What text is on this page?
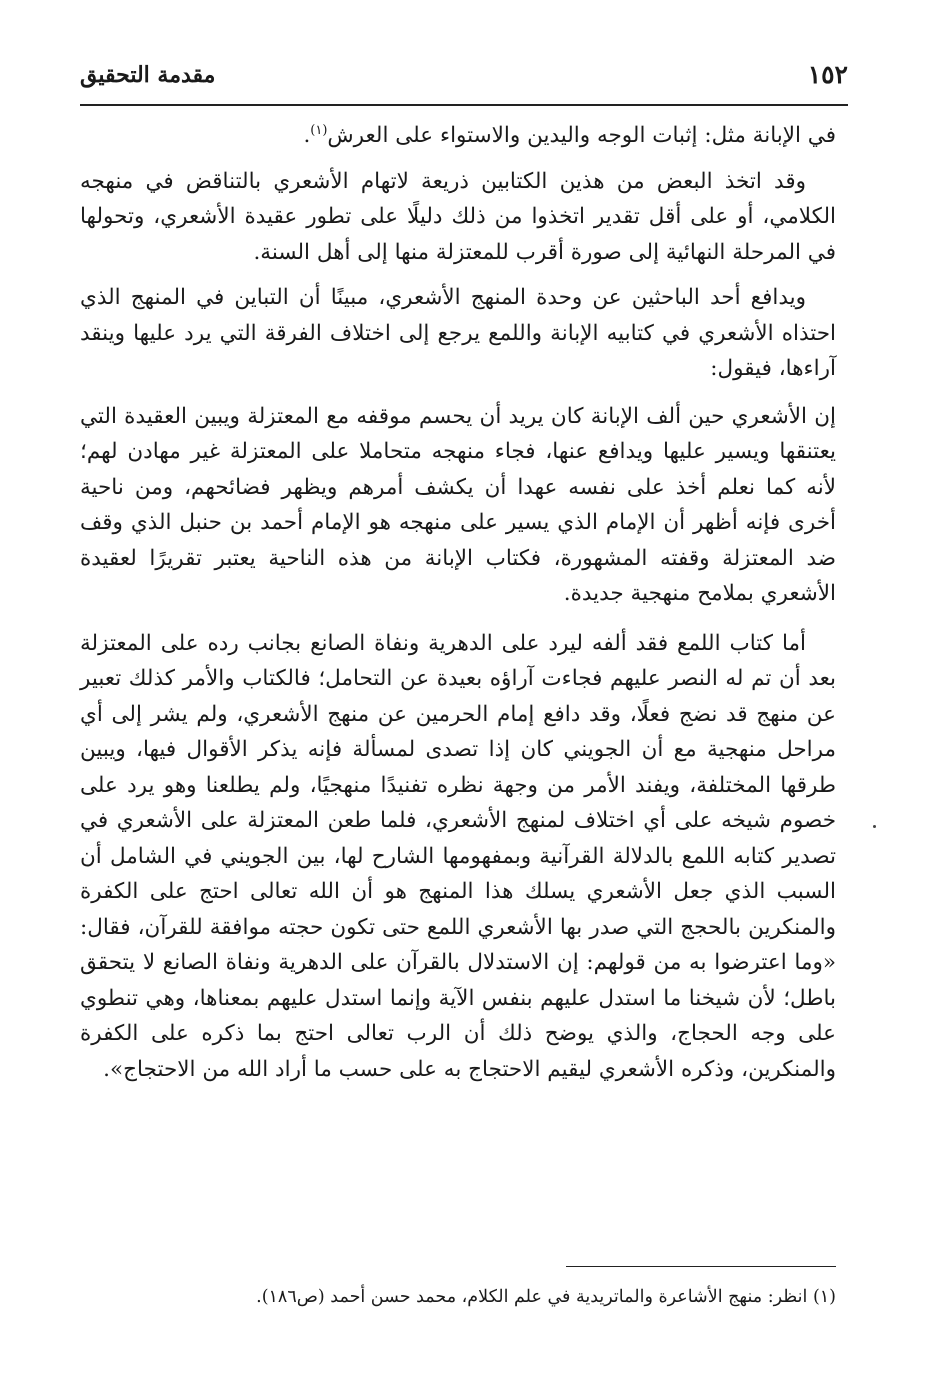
١٥٢
مقدمة التحقيق

في الإبانة مثل: إثبات الوجه واليدين والاستواء على العرش$^{(١)}$.

وقد اتخذ البعض من هذين الكتابين ذريعة لاتهام الأشعري بالتناقض في منهجه الكلامي، أو على أقل تقدير اتخذوا من ذلك دليلًا على تطور عقيدة الأشعري، وتحولها في المرحلة النهائية إلى صورة أقرب للمعتزلة منها إلى أهل السنة.

ويدافع أحد الباحثين عن وحدة المنهج الأشعري، مبينًا أن التباين في المنهج الذي احتذاه الأشعري في كتابيه الإبانة واللمع يرجع إلى اختلاف الفرقة التي يرد عليها وينقد آراءها، فيقول:

إن الأشعري حين ألف الإبانة كان يريد أن يحسم موقفه مع المعتزلة ويبين العقيدة التي يعتنقها ويسير عليها ويدافع عنها، فجاء منهجه متحاملا على المعتزلة غير مهادن لهم؛ لأنه كما نعلم أخذ على نفسه عهدا أن يكشف أمرهم ويظهر فضائحهم، ومن ناحية أخرى فإنه أظهر أن الإمام الذي يسير على منهجه هو الإمام أحمد بن حنبل الذي وقف ضد المعتزلة وقفته المشهورة، فكتاب الإبانة من هذه الناحية يعتبر تقريرًا لعقيدة الأشعري بملامح منهجية جديدة.

أما كتاب اللمع فقد ألفه ليرد على الدهرية ونفاة الصانع بجانب رده على المعتزلة بعد أن تم له النصر عليهم فجاءت آراؤه بعيدة عن التحامل؛ فالكتاب والأمر كذلك تعبير عن منهج قد نضج فعلًا، وقد دافع إمام الحرمين عن منهج الأشعري، ولم يشر إلى أي مراحل منهجية مع أن الجويني كان إذا تصدى لمسألة فإنه يذكر الأقوال فيها، ويبين طرقها المختلفة، ويفند الأمر من وجهة نظره تفنيدًا منهجيًا، ولم يطلعنا وهو يرد على خصوم شيخه على أي اختلاف لمنهج الأشعري، فلما طعن المعتزلة على الأشعري في تصدير كتابه اللمع بالدلالة القرآنية وبمفهومها الشارح لها، بين الجويني في الشامل أن السبب الذي جعل الأشعري يسلك هذا المنهج هو أن الله تعالى احتج على الكفرة والمنكرين بالحجج التي صدر بها الأشعري اللمع حتى تكون حجته موافقة للقرآن، فقال: «وما اعترضوا به من قولهم: إن الاستدلال بالقرآن على الدهرية ونفاة الصانع لا يتحقق باطل؛ لأن شيخنا ما استدل عليهم بنفس الآية وإنما استدل عليهم بمعناها، وهي تنطوي على وجه الحجاج، والذي يوضح ذلك أن الرب تعالى احتج بما ذكره على الكفرة والمنكرين، وذكره الأشعري ليقيم الاحتجاج به على حسب ما أراد الله من الاحتجاج».

(١) انظر: منهج الأشاعرة والماتريدية في علم الكلام، محمد حسن أحمد (ص١٨٦).
